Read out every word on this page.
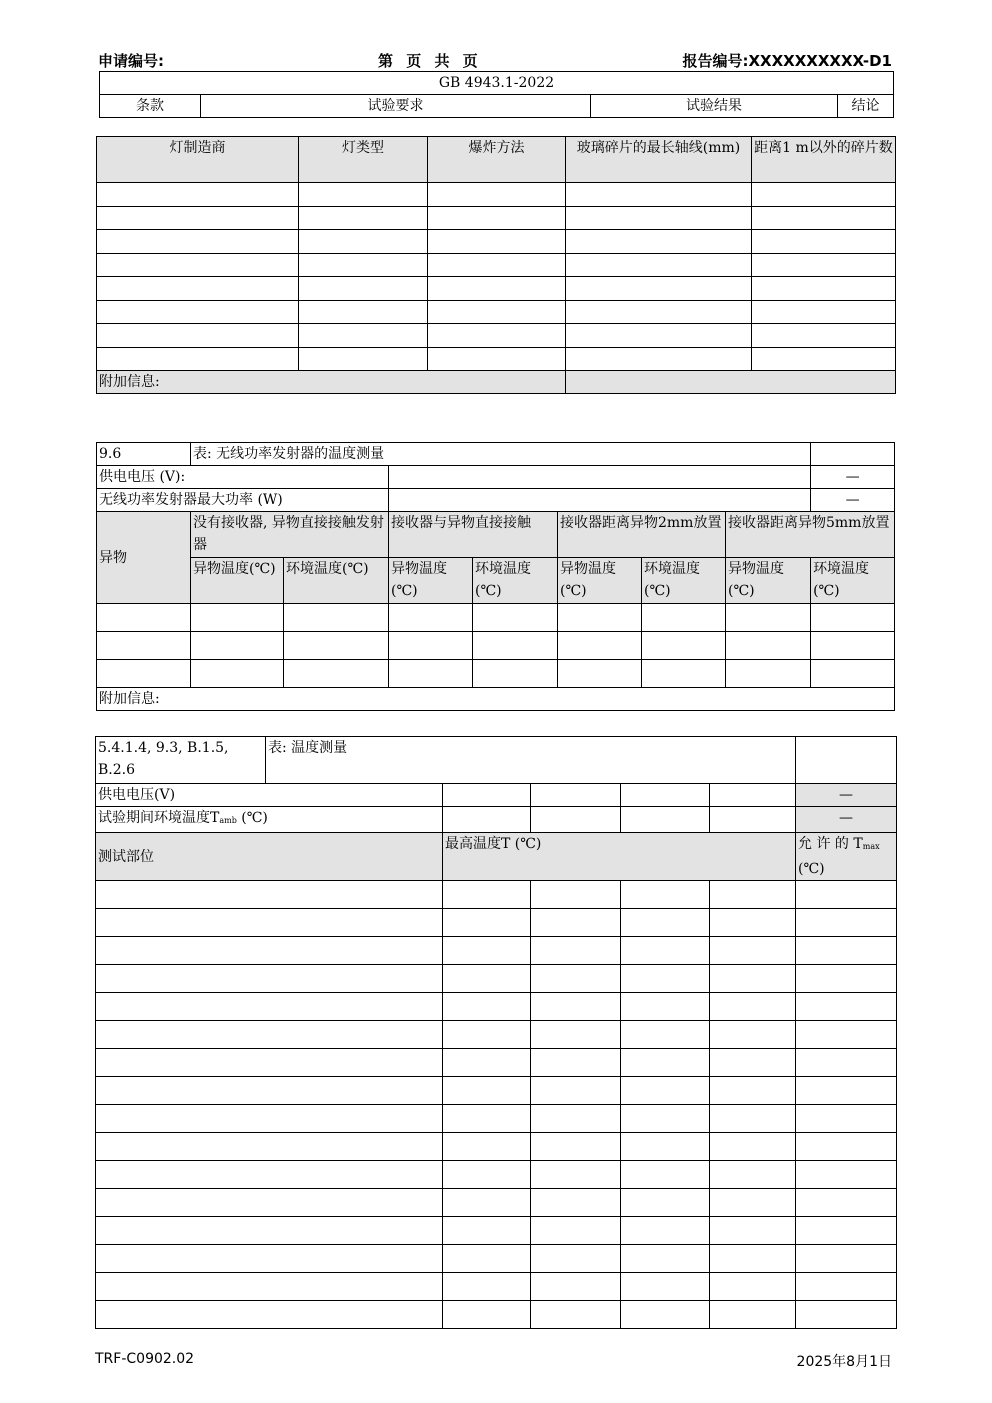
申请编号:	第 页 共 页	报告编号:XXXXXXXXXX-D1
GB 4943.1-2022
条款	试验要求	试验结果	结论
灯制造商	灯类型	爆炸方法	玻璃碎片的最长轴线(mm)	距离1 m以外的碎片数

附加信息:				
9.6	表: 无线功率发射器的温度测量							
供电电压 (V):								—
无线功率发射器最大功率 (W)								—
异物	没有接收器, 异物直接接触发射器		接收器与异物直接接触		接收器距离异物2mm放置		接收器距离异物5mm放置	
	异物温度(℃)	环境温度(℃)	异物温度(℃)	环境温度(℃)	异物温度(℃)	环境温度(℃)	异物温度(℃)	环境温度(℃)

附加信息:								
5.4.1.4, 9.3, B.1.5, B.2.6	表: 温度测量					
供电电压(V)						—
试验期间环境温度$T_{amb}$ (℃)						—
测试部位		最高温度T (℃)				允 许 的 $T_{max}$
(℃)

TRF-C0902.02	2025年8月1日
